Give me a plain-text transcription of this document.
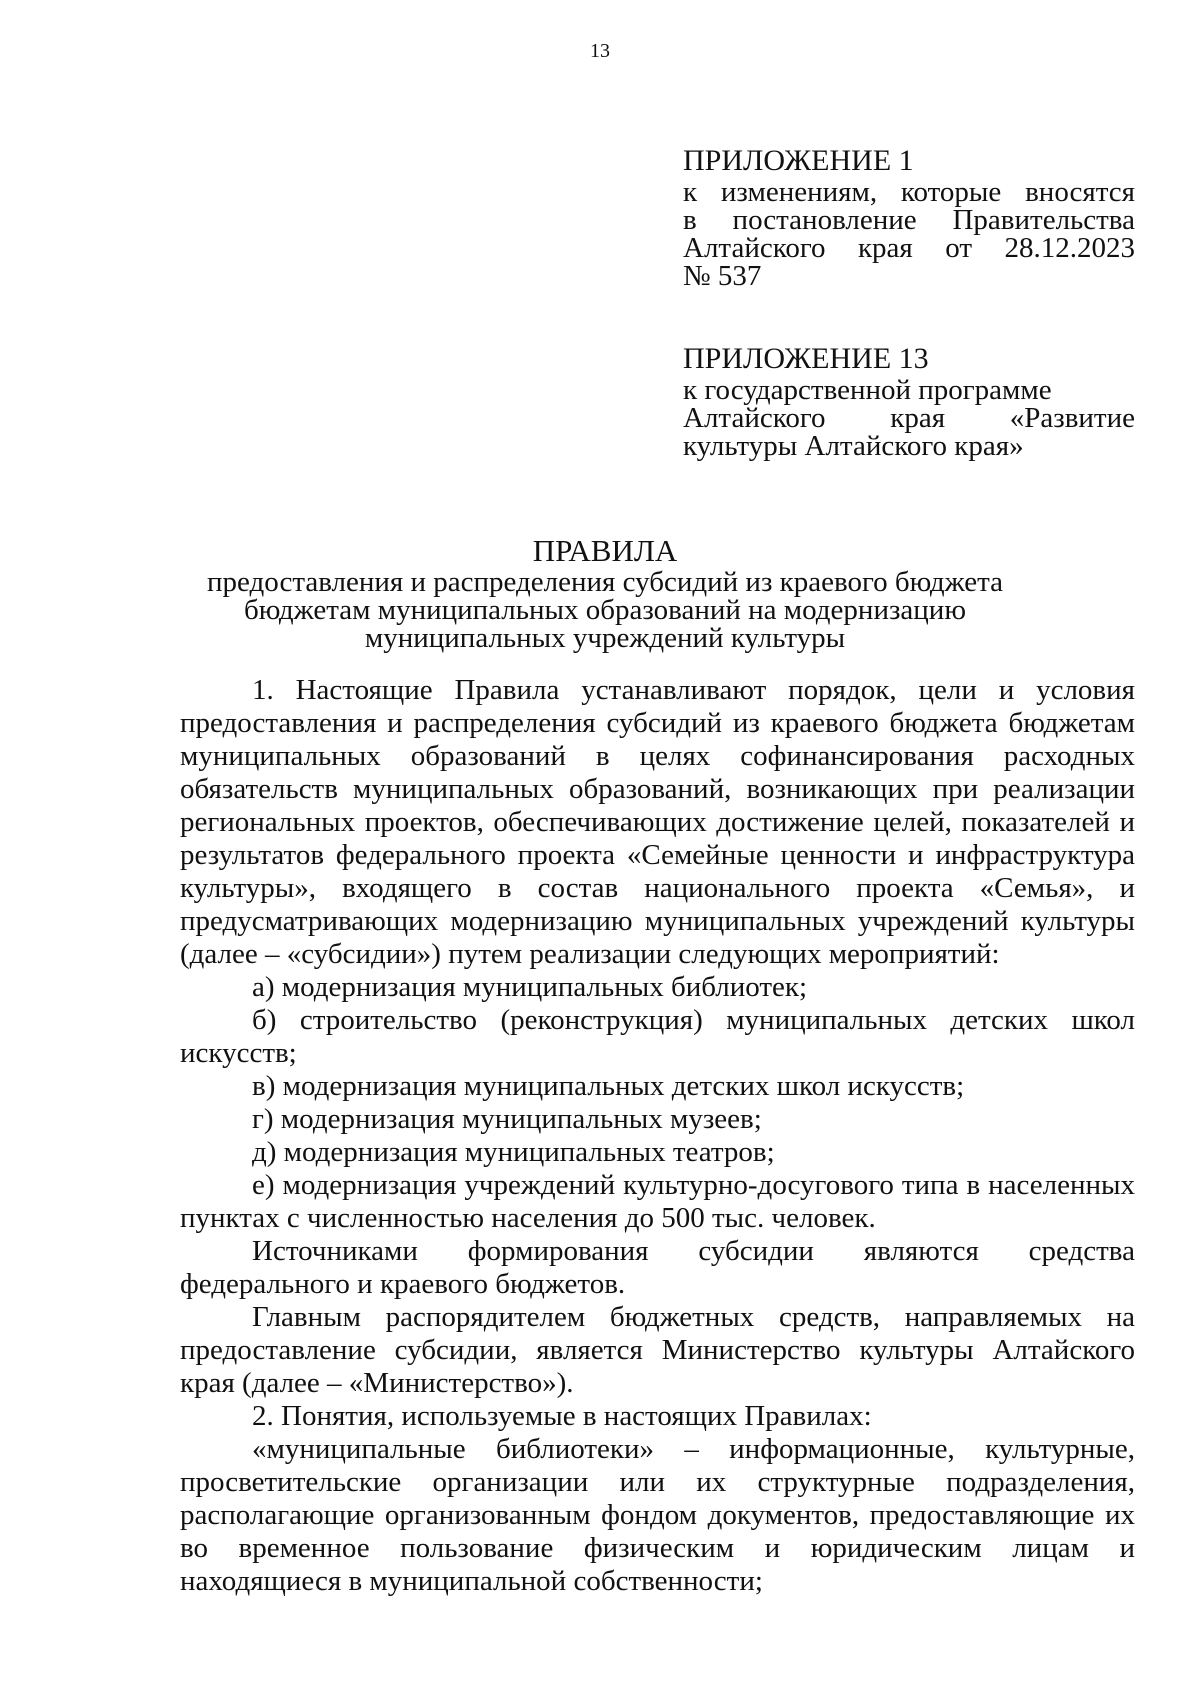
13
ПРИЛОЖЕНИЕ 1
к изменениям, которые вносятся
в постановление Правительства
Алтайского края от 28.12.2023
№ 537
ПРИЛОЖЕНИЕ 13
к государственной программе
Алтайского края «Развитие
культуры Алтайского края»
ПРАВИЛА
предоставления и распределения субсидий из краевого бюджета
бюджетам муниципальных образований на модернизацию
муниципальных учреждений культуры

1. Настоящие Правила устанавливают порядок, цели и условия предоставления и распределения субсидий из краевого бюджета бюджетам муниципальных образований в целях софинансирования расходных обязательств муниципальных образований, возникающих при реализации региональных проектов, обеспечивающих достижение целей, показателей и результатов федерального проекта «Семейные ценности и инфраструктура культуры», входящего в состав национального проекта «Семья», и предусматривающих модернизацию муниципальных учреждений культуры (далее – «субсидии») путем реализации следующих мероприятий:

а) модернизация муниципальных библиотек;

б) строительство (реконструкция) муниципальных детских школ искусств;

в) модернизация муниципальных детских школ искусств;

г) модернизация муниципальных музеев;

д) модернизация муниципальных театров;

е) модернизация учреждений культурно-досугового типа в населенных пунктах с численностью населения до 500 тыс. человек.

Источниками формирования субсидии являются средства федерального и краевого бюджетов.

Главным распорядителем бюджетных средств, направляемых на предоставление субсидии, является Министерство культуры Алтайского края (далее – «Министерство»).

2. Понятия, используемые в настоящих Правилах:

«муниципальные библиотеки» – информационные, культурные, просветительские организации или их структурные подразделения, располагающие организованным фондом документов, предоставляющие их во временное пользование физическим и юридическим лицам и находящиеся в муниципальной собственности;
